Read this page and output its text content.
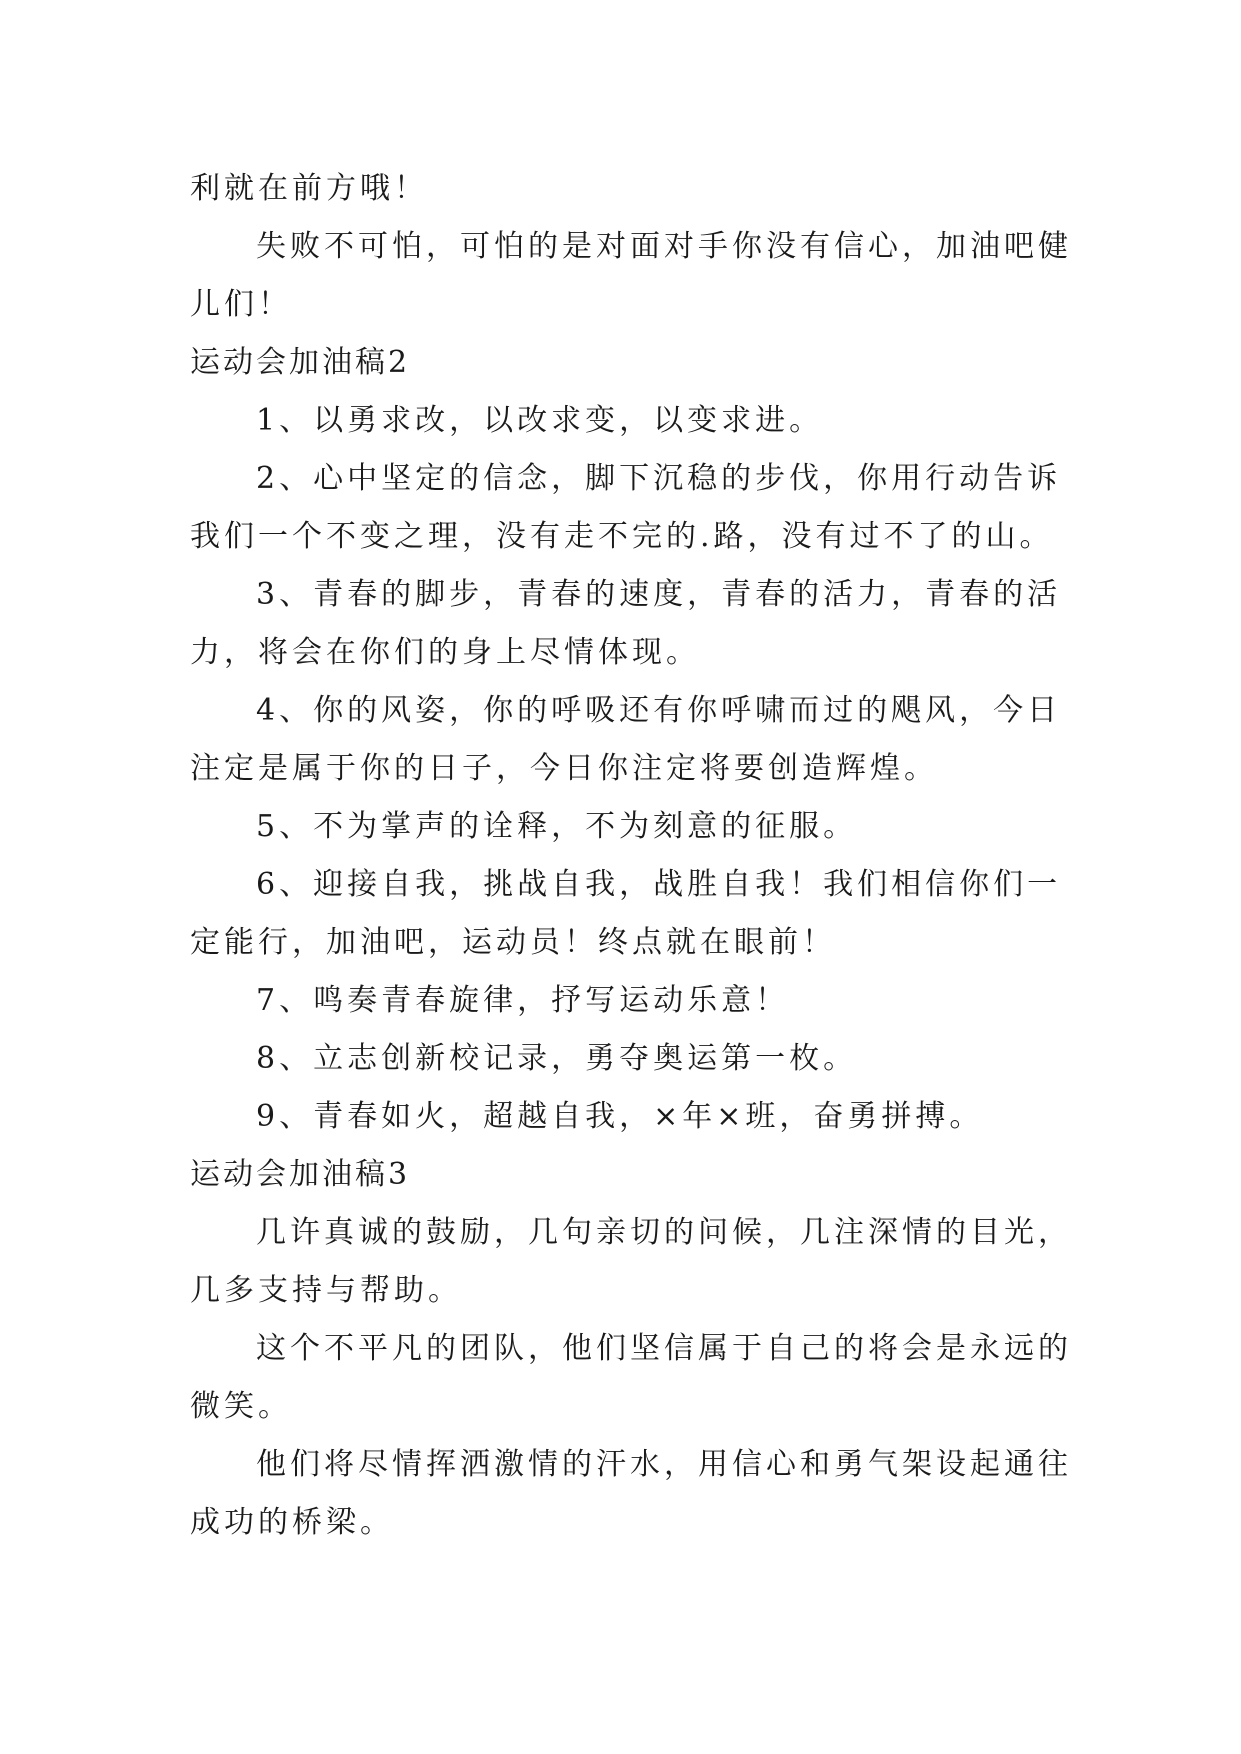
利就在前方哦！
失败不可怕，可怕的是对面对手你没有信心，加油吧健
儿们！
运动会加油稿2
1、以勇求改，以改求变，以变求进。
2、心中坚定的信念，脚下沉稳的步伐，你用行动告诉
我们一个不变之理，没有走不完的.路，没有过不了的山。
3、青春的脚步，青春的速度，青春的活力，青春的活
力，将会在你们的身上尽情体现。
4、你的风姿，你的呼吸还有你呼啸而过的飓风，今日
注定是属于你的日子，今日你注定将要创造辉煌。
5、不为掌声的诠释，不为刻意的征服。
6、迎接自我，挑战自我，战胜自我！我们相信你们一
定能行，加油吧，运动员！终点就在眼前！
7、鸣奏青春旋律，抒写运动乐意！
8、立志创新校记录，勇夺奥运第一枚。
9、青春如火，超越自我，×年×班，奋勇拼搏。
运动会加油稿3
几许真诚的鼓励，几句亲切的问候，几注深情的目光，
几多支持与帮助。
这个不平凡的团队，他们坚信属于自己的将会是永远的
微笑。
他们将尽情挥洒激情的汗水，用信心和勇气架设起通往
成功的桥梁。
